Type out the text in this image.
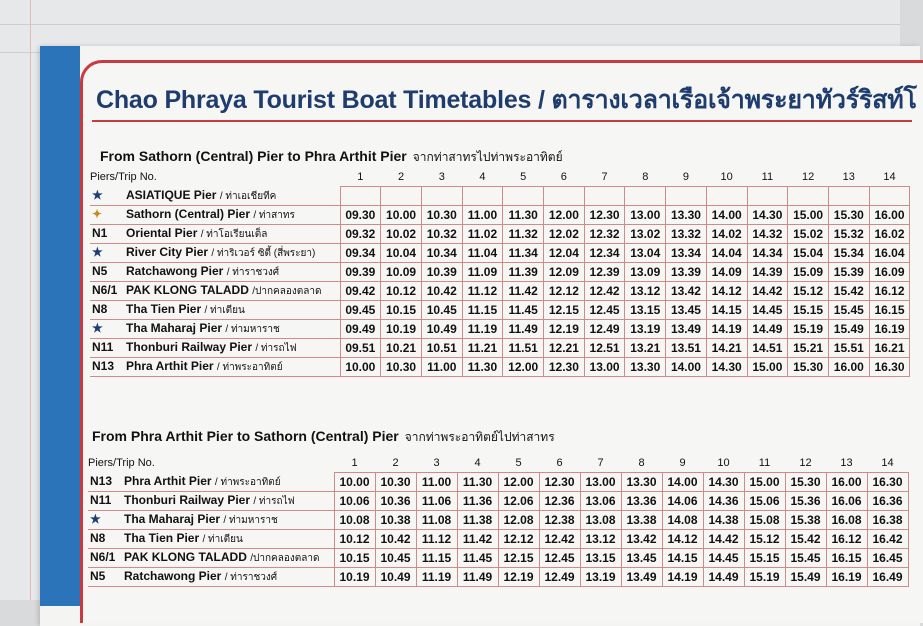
Chao Phraya Tourist Boat Timetables / ตารางเวลาเรือเจ้าพระยาทัวร์ริสท์โ
From Sathorn (Central) Pier to Phra Arthit Pier จากท่าสาทรไปท่าพระอาทิตย์
Piers/Trip No.	1	2	3	4	5	6	7	8	9	10	11	12	13	14
★ ASIATIQUE Pier / ท่าเอเชียทีค														
✦ Sathorn (Central) Pier / ท่าสาทร	09.30	10.00	10.30	11.00	11.30	12.00	12.30	13.00	13.30	14.00	14.30	15.00	15.30	16.00
N1 Oriental Pier / ท่าโอเรียนเต็ล	09.32	10.02	10.32	11.02	11.32	12.02	12.32	13.02	13.32	14.02	14.32	15.02	15.32	16.02
★ River City Pier / ท่าริเวอร์ ซิตี้ (สี่พระยา)	09.34	10.04	10.34	11.04	11.34	12.04	12.34	13.04	13.34	14.04	14.34	15.04	15.34	16.04
N5 Ratchawong Pier / ท่าราชวงศ์	09.39	10.09	10.39	11.09	11.39	12.09	12.39	13.09	13.39	14.09	14.39	15.09	15.39	16.09
N6/1 PAK KLONG TALADD /ปากคลองตลาด	09.42	10.12	10.42	11.12	11.42	12.12	12.42	13.12	13.42	14.12	14.42	15.12	15.42	16.12
N8 Tha Tien Pier / ท่าเตียน	09.45	10.15	10.45	11.15	11.45	12.15	12.45	13.15	13.45	14.15	14.45	15.15	15.45	16.15
★ Tha Maharaj Pier / ท่ามหาราช	09.49	10.19	10.49	11.19	11.49	12.19	12.49	13.19	13.49	14.19	14.49	15.19	15.49	16.19
N11 Thonburi Railway Pier / ท่ารถไฟ	09.51	10.21	10.51	11.21	11.51	12.21	12.51	13.21	13.51	14.21	14.51	15.21	15.51	16.21
N13 Phra Arthit Pier / ท่าพระอาทิตย์	10.00	10.30	11.00	11.30	12.00	12.30	13.00	13.30	14.00	14.30	15.00	15.30	16.00	16.30
From Phra Arthit Pier to Sathorn (Central) Pier จากท่าพระอาทิตย์ไปท่าสาทร
Piers/Trip No.	1	2	3	4	5	6	7	8	9	10	11	12	13	14
N13 Phra Arthit Pier / ท่าพระอาทิตย์	10.00	10.30	11.00	11.30	12.00	12.30	13.00	13.30	14.00	14.30	15.00	15.30	16.00	16.30
N11 Thonburi Railway Pier / ท่ารถไฟ	10.06	10.36	11.06	11.36	12.06	12.36	13.06	13.36	14.06	14.36	15.06	15.36	16.06	16.36
★ Tha Maharaj Pier / ท่ามหาราช	10.08	10.38	11.08	11.38	12.08	12.38	13.08	13.38	14.08	14.38	15.08	15.38	16.08	16.38
N8 Tha Tien Pier / ท่าเตียน	10.12	10.42	11.12	11.42	12.12	12.42	13.12	13.42	14.12	14.42	15.12	15.42	16.12	16.42
N6/1 PAK KLONG TALADD /ปากคลองตลาด	10.15	10.45	11.15	11.45	12.15	12.45	13.15	13.45	14.15	14.45	15.15	15.45	16.15	16.45
N5 Ratchawong Pier / ท่าราชวงศ์	10.19	10.49	11.19	11.49	12.19	12.49	13.19	13.49	14.19	14.49	15.19	15.49	16.19	16.49
